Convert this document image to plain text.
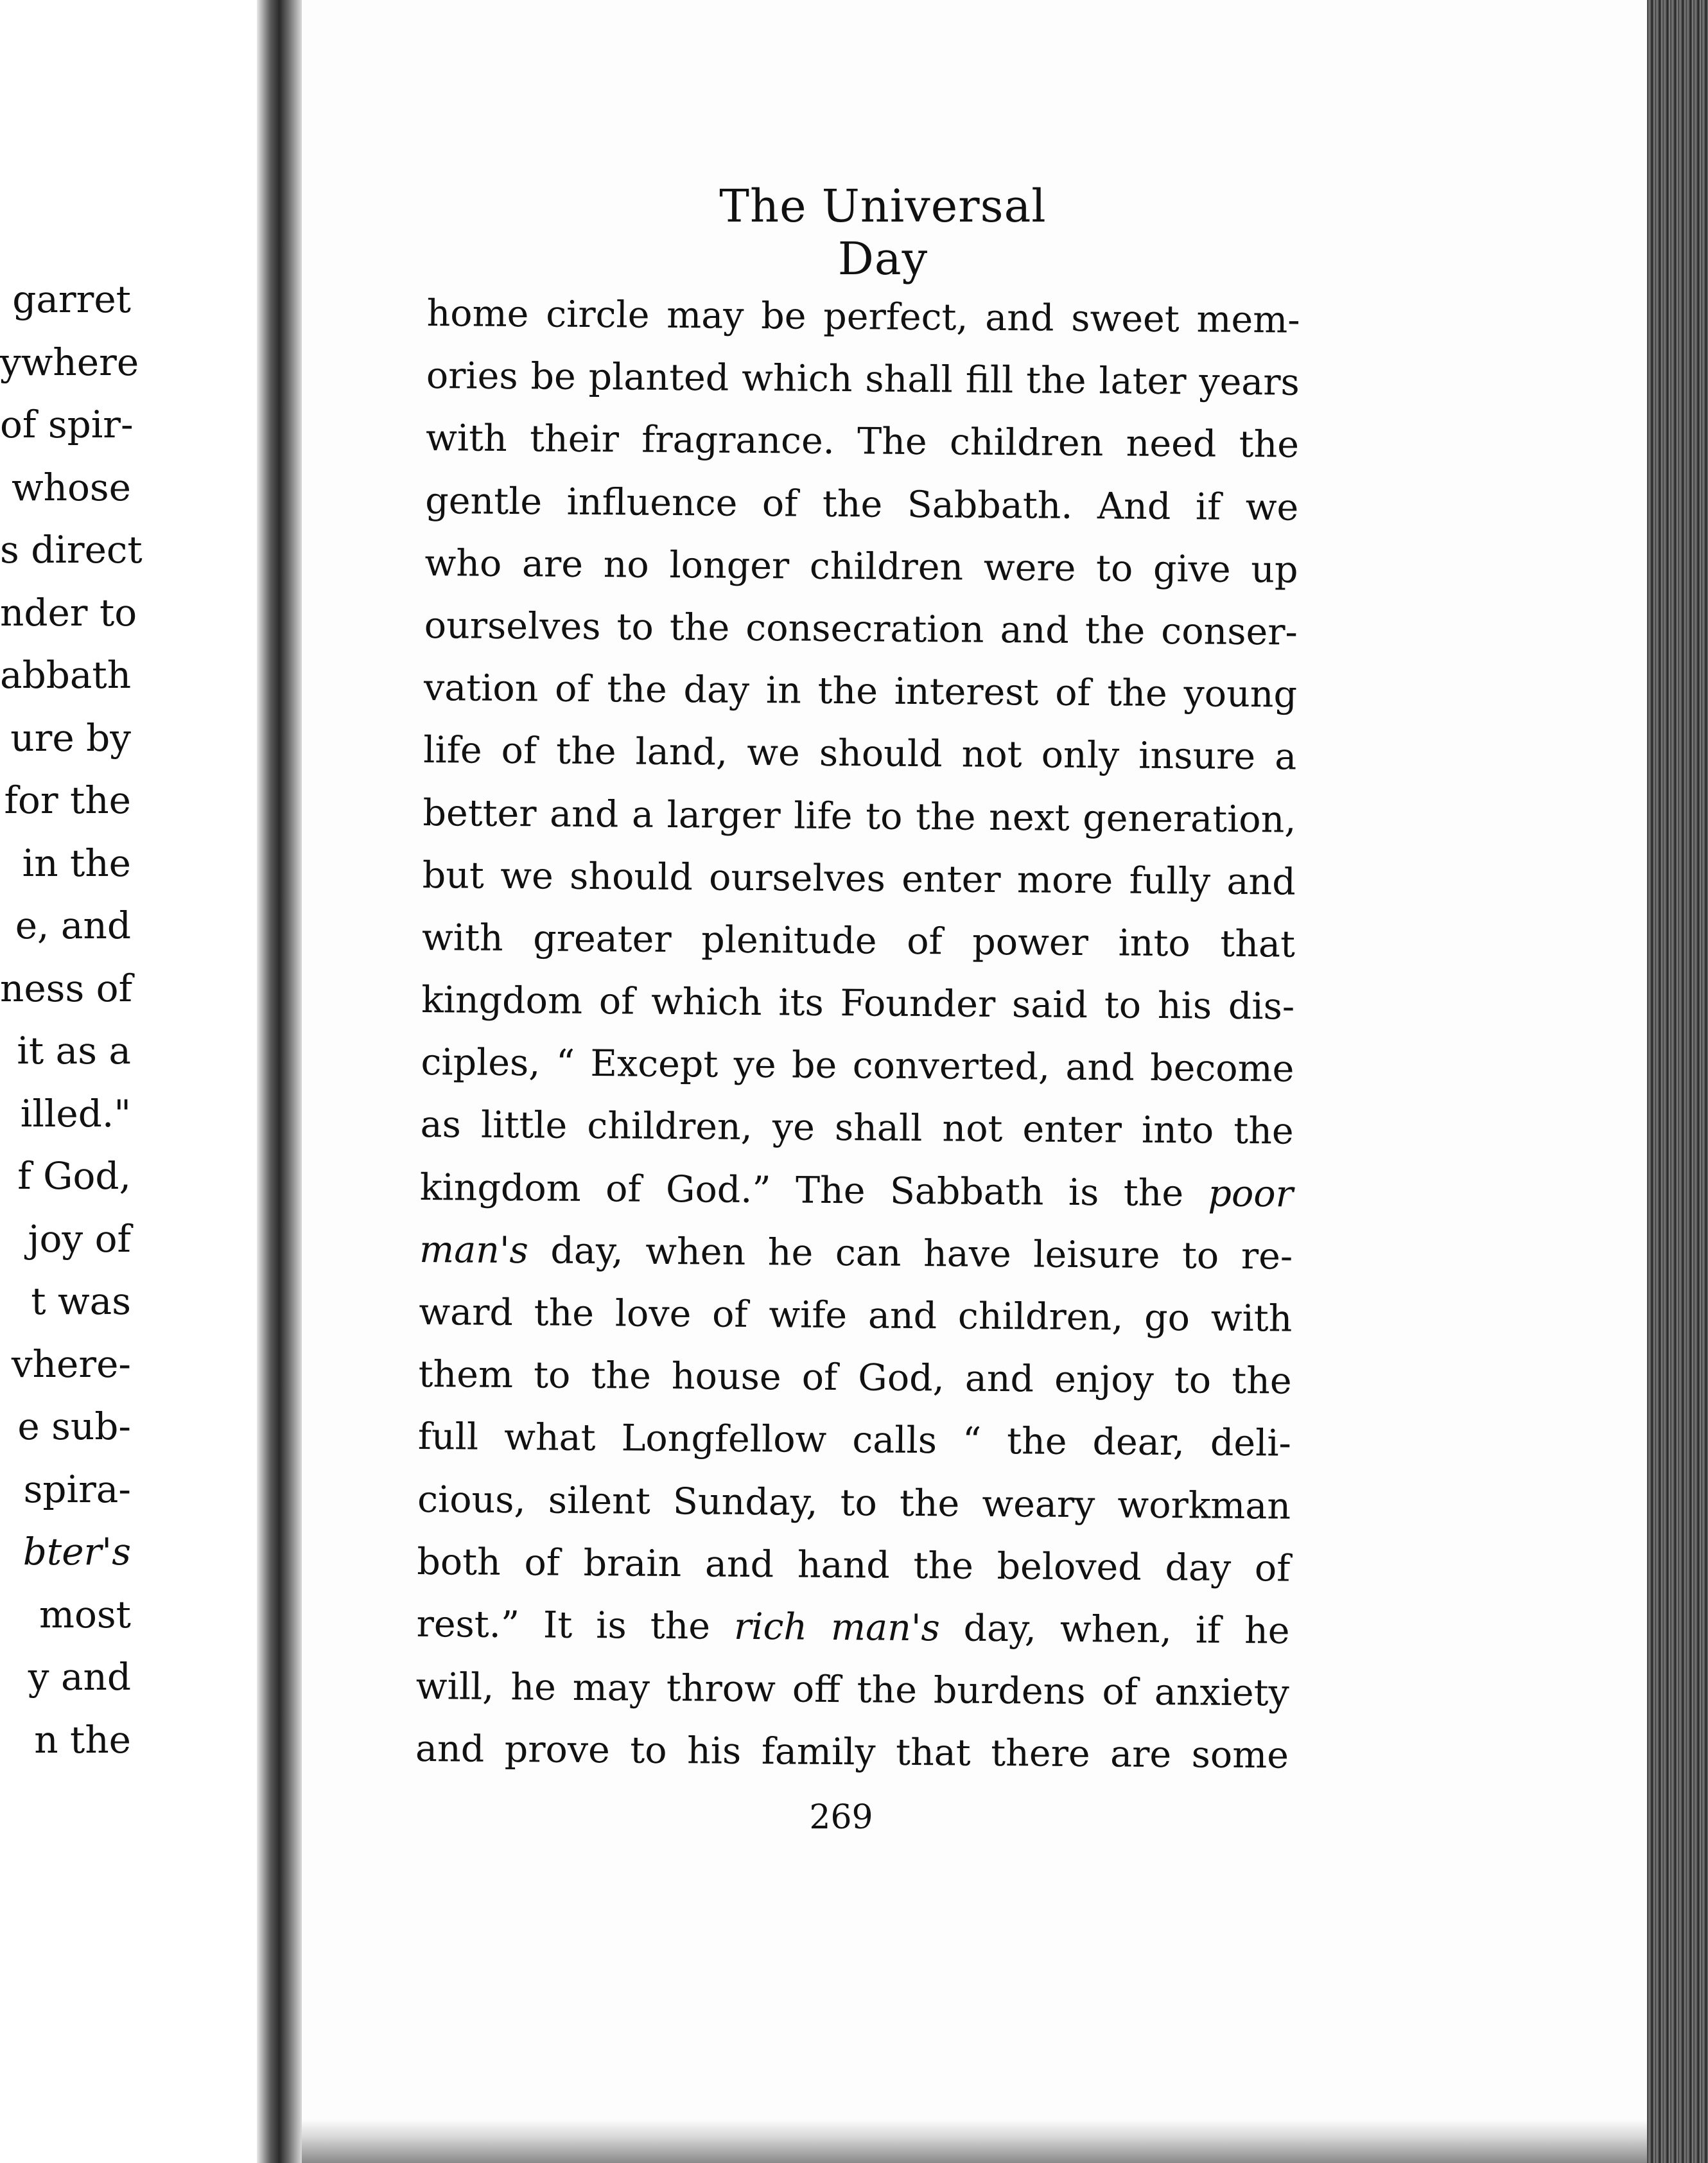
garret
ywhere
of spir-
whose
s direct
nder to
abbath
ure by
for the
in the
e, and
ness of
it as a
illed."
f God,
joy of
t was
vhere-
e sub-
spira-
bter's
most
y and
n the
The Universal Day
home circle may be perfect, and sweet mem-
ories be planted which shall fill the later years
with their fragrance. The children need the
gentle influence of the Sabbath. And if we
who are no longer children were to give up
ourselves to the consecration and the conser-
vation of the day in the interest of the young
life of the land, we should not only insure a
better and a larger life to the next generation,
but we should ourselves enter more fully and
with greater plenitude of power into that
kingdom of which its Founder said to his dis-
ciples, “ Except ye be converted, and become
as little children, ye shall not enter into the
kingdom of God.” The Sabbath is the poor
man's day, when he can have leisure to re-
ward the love of wife and children, go with
them to the house of God, and enjoy to the
full what Longfellow calls “ the dear, deli-
cious, silent Sunday, to the weary workman
both of brain and hand the beloved day of
rest.” It is the rich man's day, when, if he
will, he may throw off the burdens of anxiety
and prove to his family that there are some
269
